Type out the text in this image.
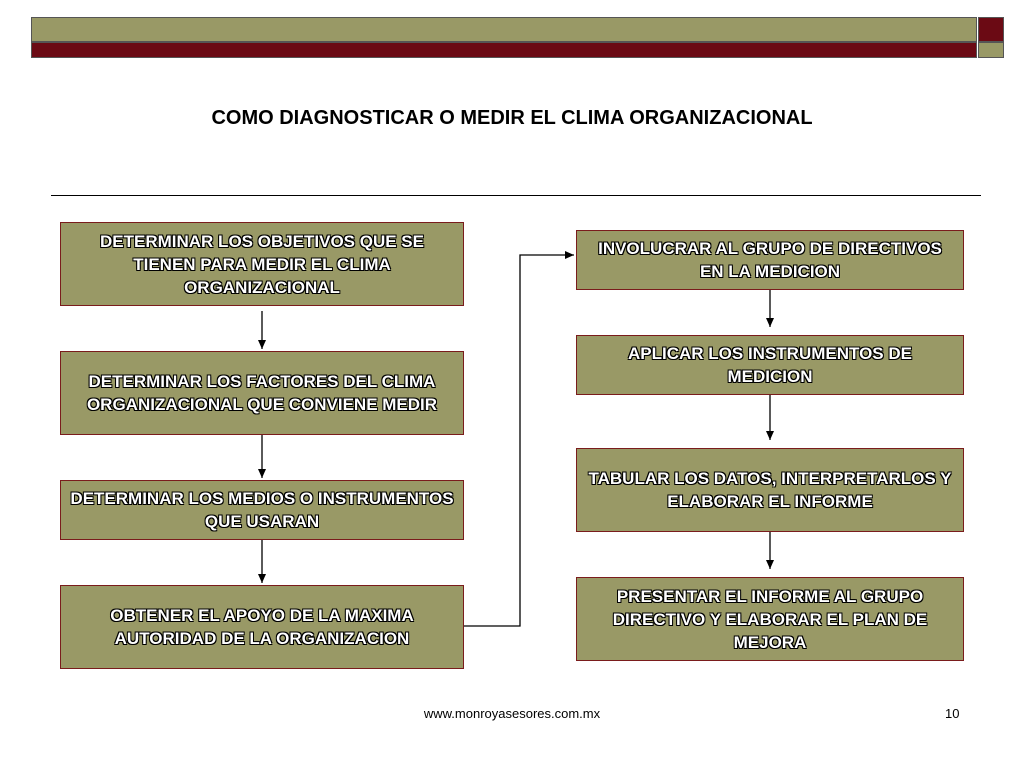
COMO DIAGNOSTICAR O MEDIR EL CLIMA ORGANIZACIONAL
DETERMINAR LOS OBJETIVOS QUE SE TIENEN PARA MEDIR EL CLIMA ORGANIZACIONAL
DETERMINAR LOS FACTORES DEL CLIMA ORGANIZACIONAL QUE CONVIENE MEDIR
DETERMINAR LOS MEDIOS O INSTRUMENTOS QUE USARAN
OBTENER EL APOYO DE LA MAXIMA AUTORIDAD DE LA ORGANIZACION
INVOLUCRAR AL GRUPO DE DIRECTIVOS EN LA MEDICION
APLICAR LOS INSTRUMENTOS DE MEDICION
TABULAR LOS DATOS, INTERPRETARLOS Y ELABORAR EL INFORME
PRESENTAR EL INFORME AL GRUPO DIRECTIVO Y ELABORAR EL PLAN DE MEJORA
www.monroyasesores.com.mx	10
